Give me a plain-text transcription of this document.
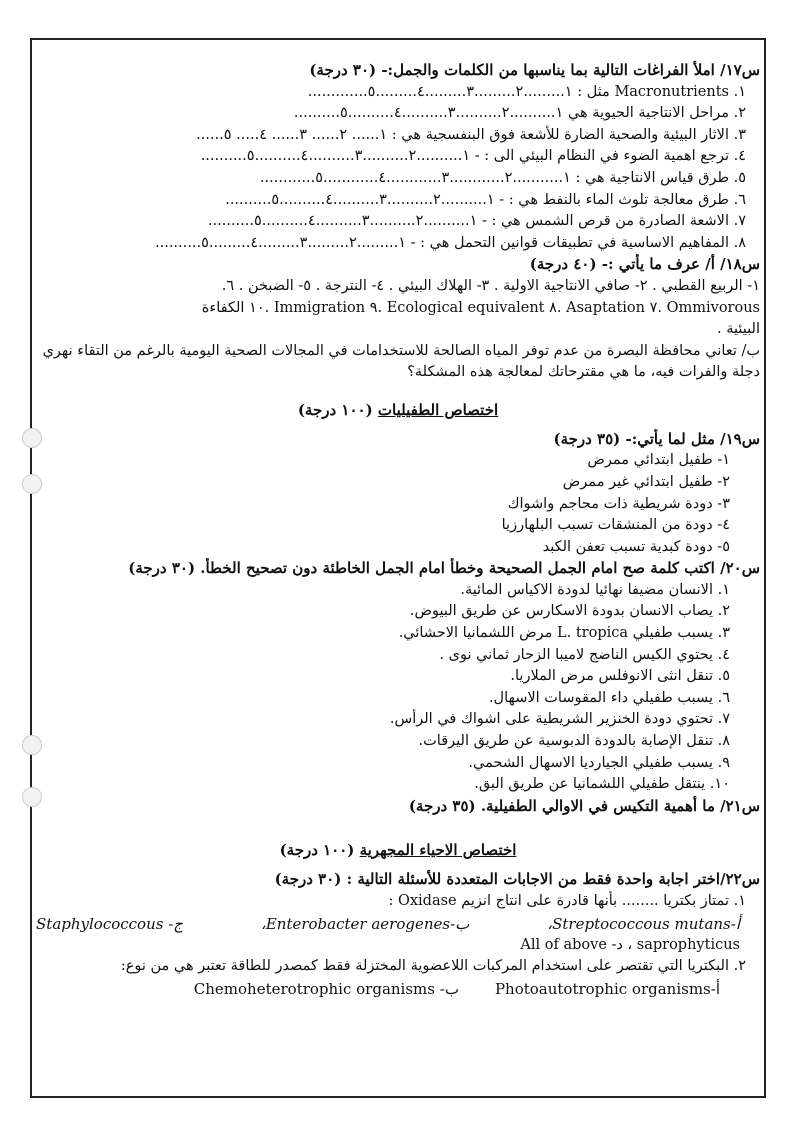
س١٧/ املأ الفراغات التالية بما يناسبها من الكلمات والجمل:- (٣٠ درجة)
١. Macronutrients مثل : ١.........٢.........٣.........٤.........٥.............
٢. مراحل الانتاجية الحيوية هي ١..........٢..........٣..........٤..........٥..........
٣. الاثار البيئية والصحية الضارة للأشعة فوق البنفسجية هي : ١...... ٢...... ٣...... ٤..... ٥......
٤. ترجع اهمية الضوء في النظام البيئي الى : - ١..........٢..........٣..........٤..........٥..........
٥. طرق قياس الانتاجية هي : ١...........٢............٣............٤............٥............
٦. طرق معالجة تلوث الماء بالنفط هي : - ١..........٢..........٣..........٤..........٥..........
٧. الاشعة الصادرة من قرص الشمس هي : - ١..........٢..........٣..........٤..........٥..........
٨. المفاهيم الاساسية في تطبيقات قوانين التحمل هي : - ١.........٢.........٣.........٤.........٥..........
س١٨/ أ/ عرف ما يأتي :- (٤٠ درجة)
١- الربيع القطبي . ٢- صافي الانتاجية الاولية . ٣- الهلاك البيئي . ٤- النترجة . ٥- الضبخن . ٦.
Ommivorous .٧ Asaptation .٨ Ecological equivalent .٩ Immigration .١٠ الكفاءة
البيئية .
ب/ تعاني محافظة البصرة من عدم توفر المياه الصالحة للاستخدامات في المجالات الصحية اليومية بالرغم من التقاء نهري دجلة والفرات فيه، ما هي مقترحاتك لمعالجة هذه المشكلة؟
اختصاص الطفيليات (١٠٠ درجة)
س١٩/ مثل لما يأتي:- (٣٥ درجة)
١- طفيل ابتدائي ممرض
٢- طفيل ابتدائي غير ممرض
٣- دودة شريطية ذات محاجم واشواك
٤- دودة من المنشقات تسبب البلهارزيا
٥- دودة كبدية تسبب تعفن الكبد
س٢٠/ اكتب كلمة صح امام الجمل الصحيحة وخطأ امام الجمل الخاطئة دون تصحيح الخطأ. (٣٠ درجة)
١. الانسان مضيفا نهائيا لدودة الاكياس المائية.
٢. يصاب الانسان بدودة الاسكارس عن طريق البيوض.
٣. يسبب طفيلي L. tropica مرض اللشمانيا الاحشائي.
٤. يحتوي الكيس الناضج لاميبا الزحار ثماني نوى .
٥. تنقل انثى الانوفلس مرض الملاريا.
٦. يسبب طفيلي داء المقوسات الاسهال.
٧. تحتوي دودة الخنزير الشريطية على اشواك في الرأس.
٨. تنقل الإصابة بالدودة الدبوسية عن طريق اليرقات.
٩. يسبب طفيلي الجيارديا الاسهال الشحمي.
١٠. ينتقل طفيلي اللشمانيا عن طريق البق.
س٢١/ ما أهمية التكيس في الاوالي الطفيلية. (٣٥ درجة)
اختصاص الاحياء المجهرية (١٠٠ درجة)
س٢٢/اختر اجابة واحدة فقط من الاجابات المتعددة للأسئلة التالية : (٣٠ درجة)
١. تمتاز بكتريا ........ بأنها قادرة على انتاج انزيم Oxidase :
أ-Streptococcous mutans،
ب-Enterobacter aerogenes،
ج- Staphylococcous
saprophyticus ، د- All of above
٢. البكتريا التي تقتصر على استخدام المركبات اللاعضوية المختزلة فقط كمصدر للطاقة تعتبر هي من نوع:
أ-Photoautotrophic organisms
ب- Chemoheterotrophic organisms
